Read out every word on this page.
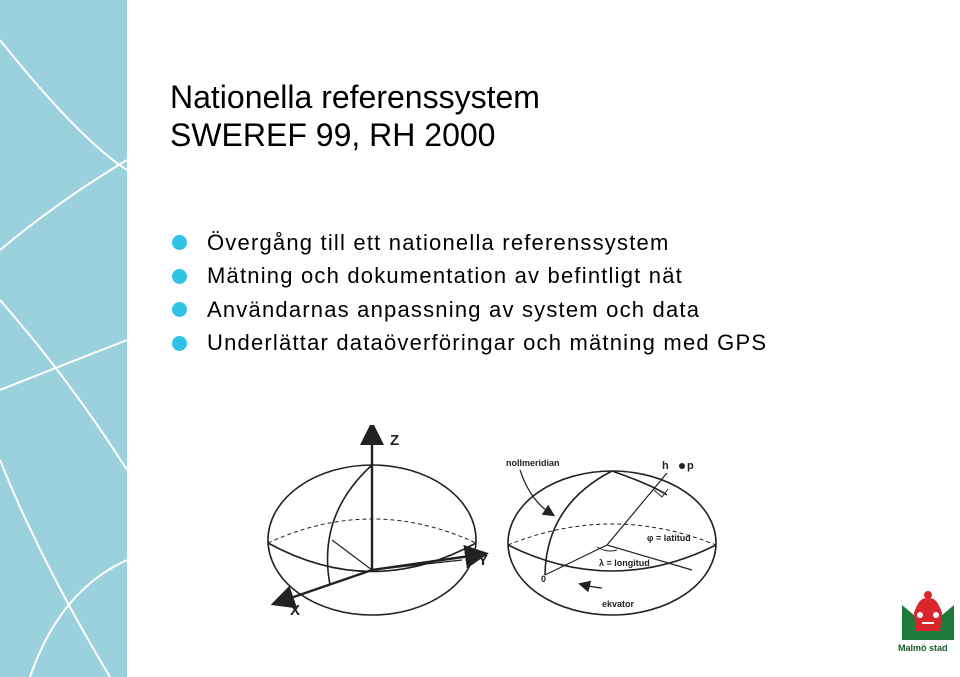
Nationella referenssystem
SWEREF 99, RH 2000
Övergång till ett nationella referenssystem
Mätning och dokumentation av befintligt nät
Användarnas anpassning av system och data
Underlättar dataöverföringar och mätning med GPS
Z
Y
X
nollmeridian	h p
φ = latitud
λ = longitud
0
ekvator
Malmö stad
